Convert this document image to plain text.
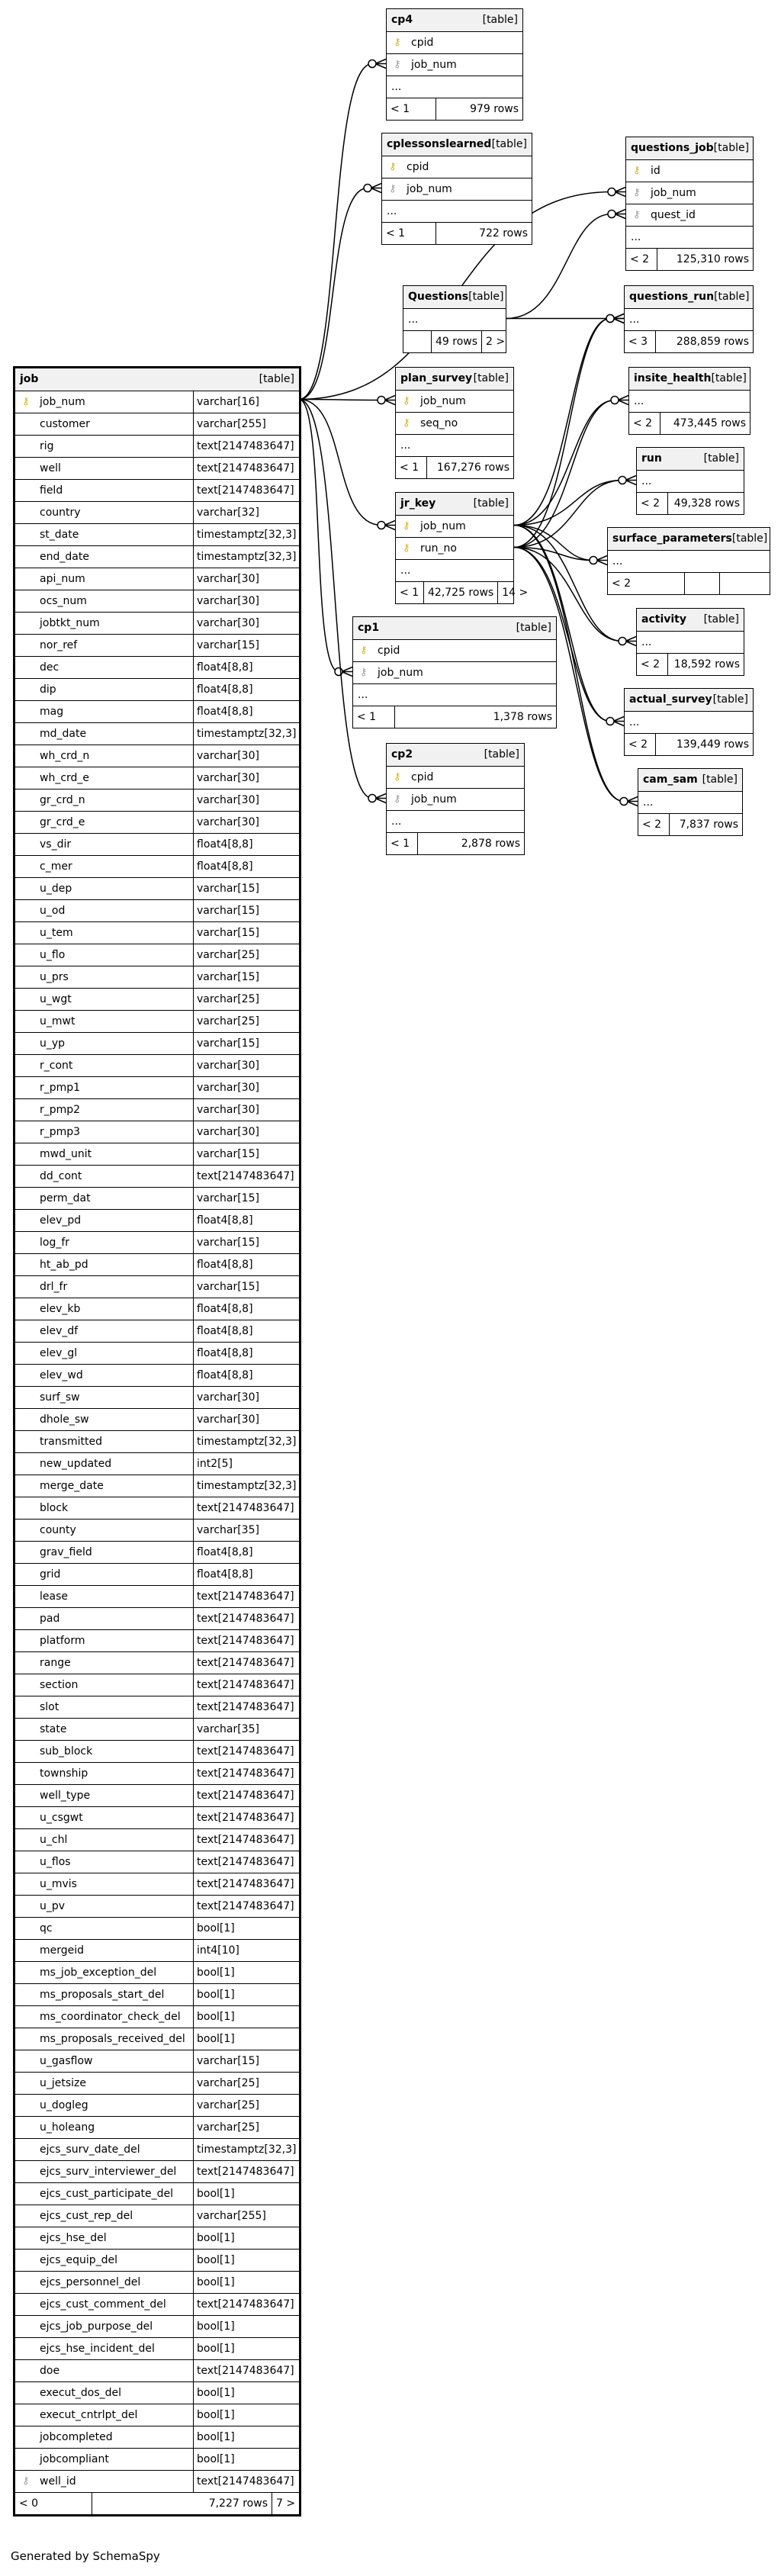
job	[table]
⚷ job_num	varchar[16]
customer	varchar[255]
rig	text[2147483647]
well	text[2147483647]
field	text[2147483647]
country	varchar[32]
st_date	timestamptz[32,3]
end_date	timestamptz[32,3]
api_num	varchar[30]
ocs_num	varchar[30]
jobtkt_num	varchar[30]
nor_ref	varchar[15]
dec	float4[8,8]
dip	float4[8,8]
mag	float4[8,8]
md_date	timestamptz[32,3]
wh_crd_n	varchar[30]
wh_crd_e	varchar[30]
gr_crd_n	varchar[30]
gr_crd_e	varchar[30]
vs_dir	float4[8,8]
c_mer	float4[8,8]
u_dep	varchar[15]
u_od	varchar[15]
u_tem	varchar[15]
u_flo	varchar[25]
u_prs	varchar[15]
u_wgt	varchar[25]
u_mwt	varchar[25]
u_yp	varchar[15]
r_cont	varchar[30]
r_pmp1	varchar[30]
r_pmp2	varchar[30]
r_pmp3	varchar[30]
mwd_unit	varchar[15]
dd_cont	text[2147483647]
perm_dat	varchar[15]
elev_pd	float4[8,8]
log_fr	varchar[15]
ht_ab_pd	float4[8,8]
drl_fr	varchar[15]
elev_kb	float4[8,8]
elev_df	float4[8,8]
elev_gl	float4[8,8]
elev_wd	float4[8,8]
surf_sw	varchar[30]
dhole_sw	varchar[30]
transmitted	timestamptz[32,3]
new_updated	int2[5]
merge_date	timestamptz[32,3]
block	text[2147483647]
county	varchar[35]
grav_field	float4[8,8]
grid	float4[8,8]
lease	text[2147483647]
pad	text[2147483647]
platform	text[2147483647]
range	text[2147483647]
section	text[2147483647]
slot	text[2147483647]
state	varchar[35]
sub_block	text[2147483647]
township	text[2147483647]
well_type	text[2147483647]
u_csgwt	text[2147483647]
u_chl	text[2147483647]
u_flos	text[2147483647]
u_mvis	text[2147483647]
u_pv	text[2147483647]
qc	bool[1]
mergeid	int4[10]
ms_job_exception_del	bool[1]
ms_proposals_start_del	bool[1]
ms_coordinator_check_del	bool[1]
ms_proposals_received_del	bool[1]
u_gasflow	varchar[15]
u_jetsize	varchar[25]
u_dogleg	varchar[25]
u_holeang	varchar[25]
ejcs_surv_date_del	timestamptz[32,3]
ejcs_surv_interviewer_del	text[2147483647]
ejcs_cust_participate_del	bool[1]
ejcs_cust_rep_del	varchar[255]
ejcs_hse_del	bool[1]
ejcs_equip_del	bool[1]
ejcs_personnel_del	bool[1]
ejcs_cust_comment_del	text[2147483647]
ejcs_job_purpose_del	bool[1]
ejcs_hse_incident_del	bool[1]
doe	text[2147483647]
execut_dos_del	bool[1]
execut_cntrlpt_del	bool[1]
jobcompleted	bool[1]
jobcompliant	bool[1]
⚷ well_id	text[2147483647]
< 0	7,227 rows 7 >
cp4	[table]
⚷ cpid
⚷ job_num
...
< 1	979 rows
cplessonslearned [table]
⚷ cpid
⚷ job_num
...
< 1	722 rows
questions_job [table]
⚷ id
⚷ job_num
⚷ quest_id
...
< 2	125,310 rows
Questions [table]
...
49 rows 2 >
questions_run [table]
...
< 3	288,859 rows
plan_survey [table]
⚷ job_num
⚷ seq_no
...
< 1	167,276 rows
insite_health [table]
...
< 2	473,445 rows
run	[table]
...
< 2	49,328 rows
jr_key	[table]
⚷ job_num
⚷ run_no
...
< 1 42,725 rows 14 >
surface_parameters [table]
...
< 2
activity [table]
...
< 2	18,592 rows
cp1	[table]
⚷ cpid
⚷ job_num
...
< 1	1,378 rows
actual_survey [table]
...
< 2	139,449 rows
cp2	[table]
⚷ cpid
⚷ job_num
...
< 1	2,878 rows
cam_sam [table]
...
< 2	7,837 rows
Generated by SchemaSpy
